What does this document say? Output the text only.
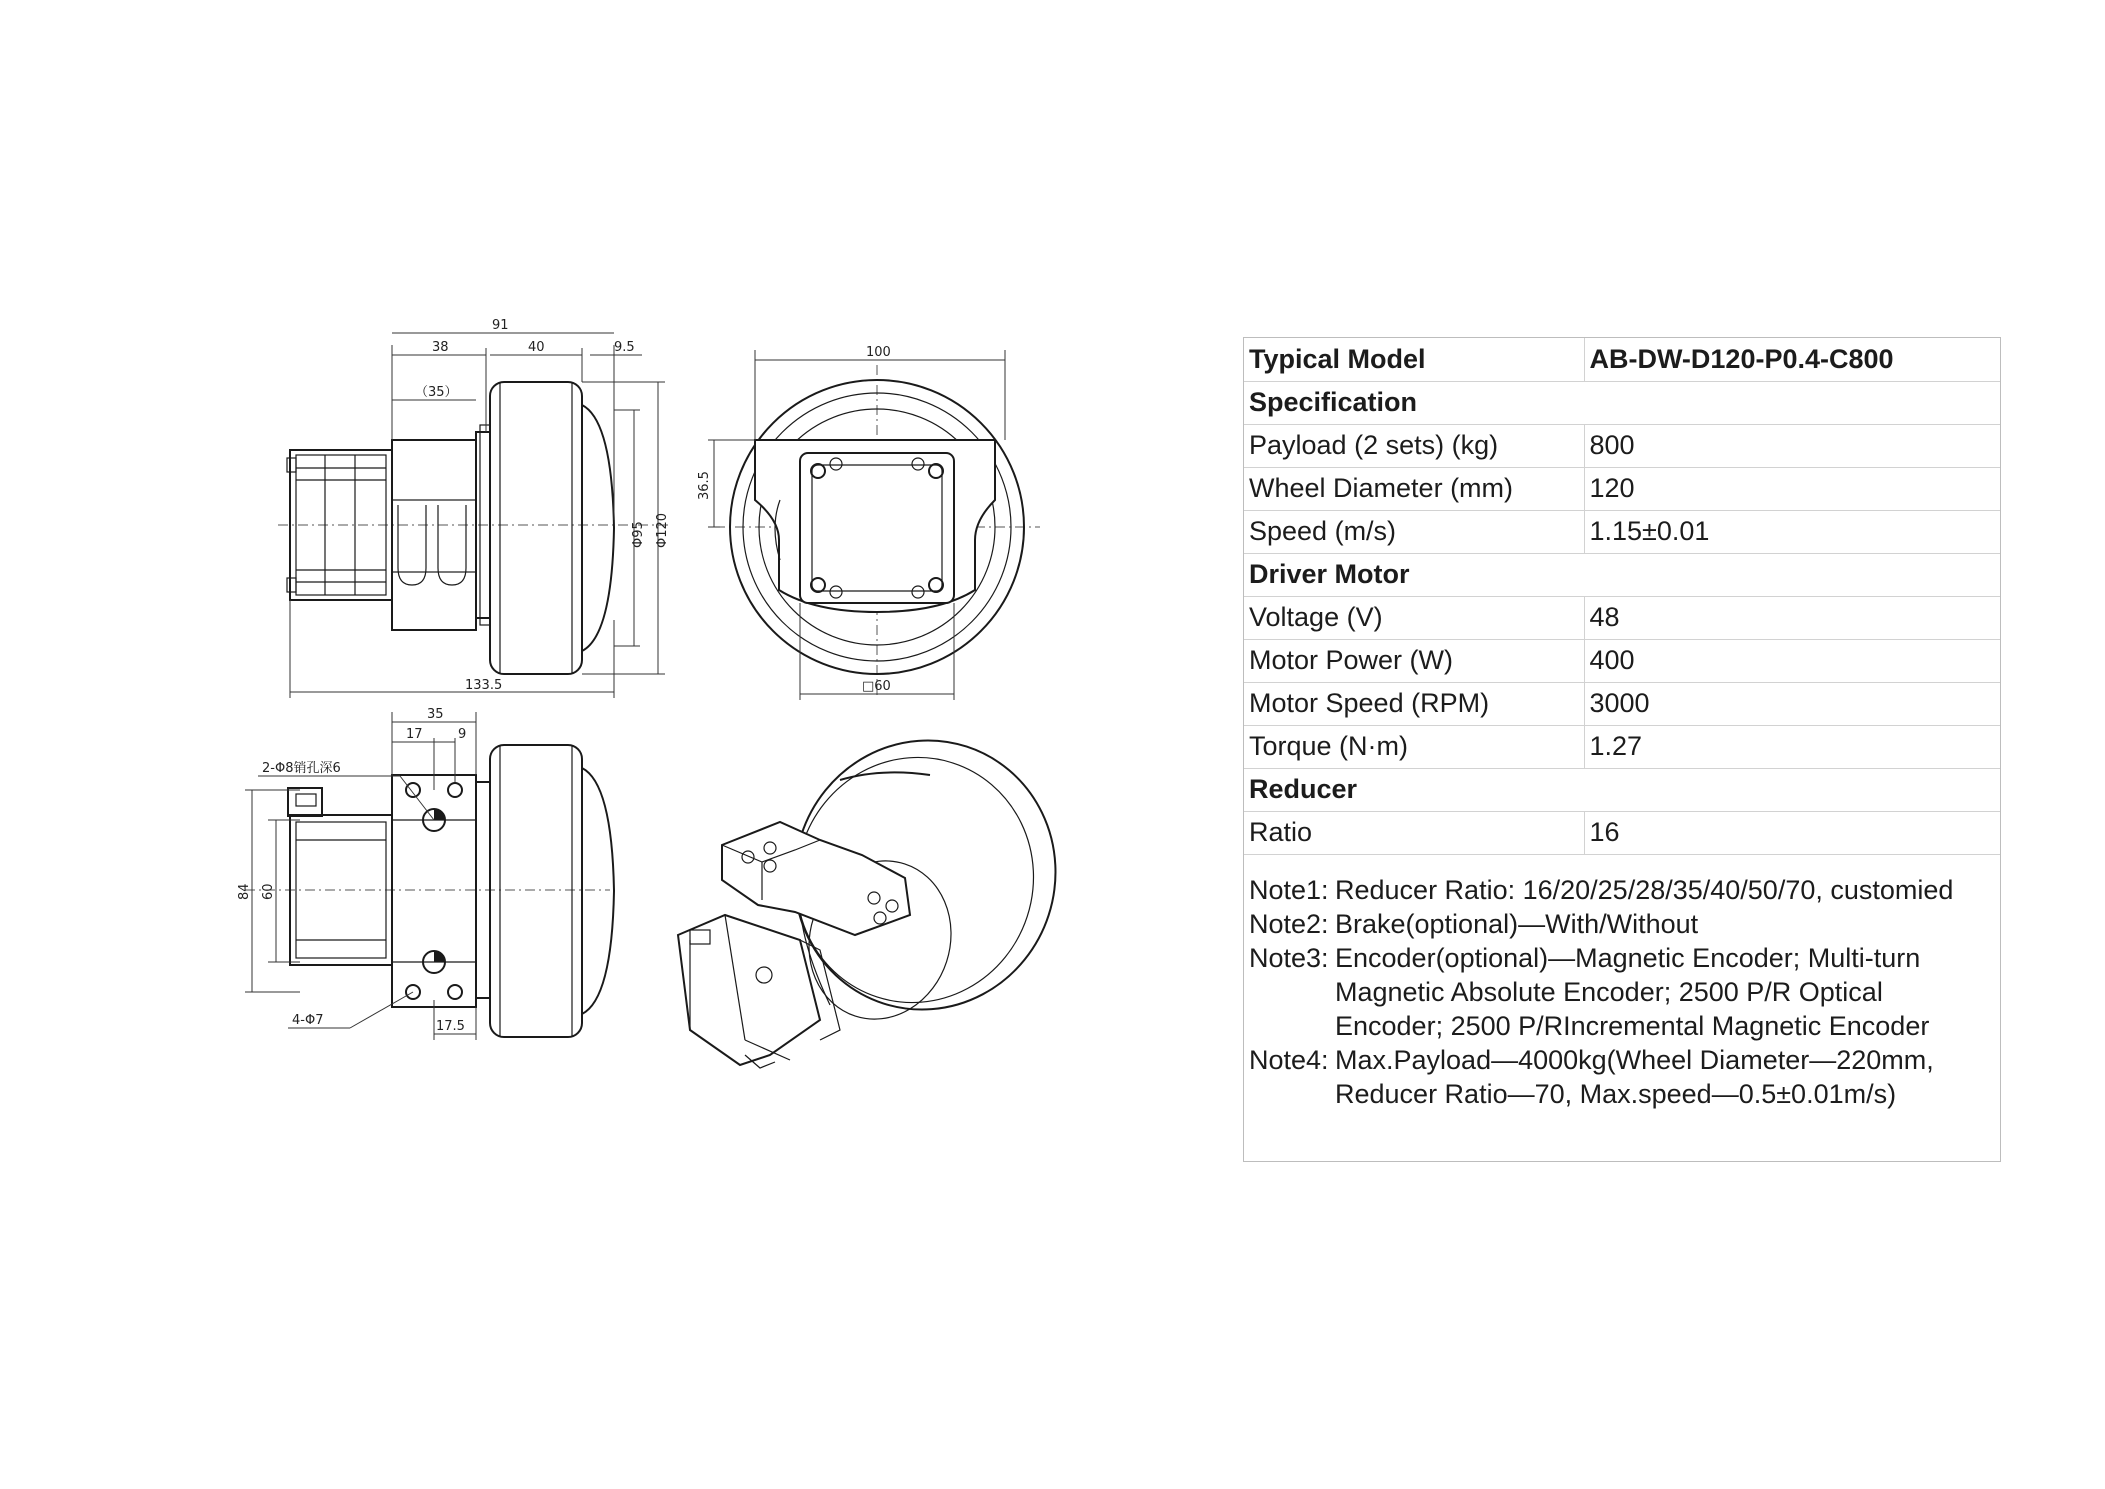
91
38	40	9.5
（35）
133.5
Φ95 Φ120
100
36.5
□60
35
17	9
2-Φ8销孔深6
84 60
4-Φ7	17.5
Typical Model	AB-DW-D120-P0.4-C800
Specification	
Payload (2 sets) (kg)	800
Wheel Diameter (mm)	120
Speed (m/s)	1.15±0.01
Driver Motor	
Voltage (V)	48
Motor Power (W)	400
Motor Speed (RPM)	3000
Torque (N·m)	1.27
Reducer	
Ratio	16
Note1: Reducer Ratio: 16/20/25/28/35/40/50/70, customied
Note2: Brake(optional)—With/Without
Note3: Encoder(optional)—Magnetic Encoder; Multi-turn Magnetic Absolute Encoder; 2500 P/R Optical Encoder; 2500 P/RIncremental Magnetic Encoder
Note4: Max.Payload—4000kg(Wheel Diameter—220mm, Reducer Ratio—70, Max.speed—0.5±0.01m/s)
